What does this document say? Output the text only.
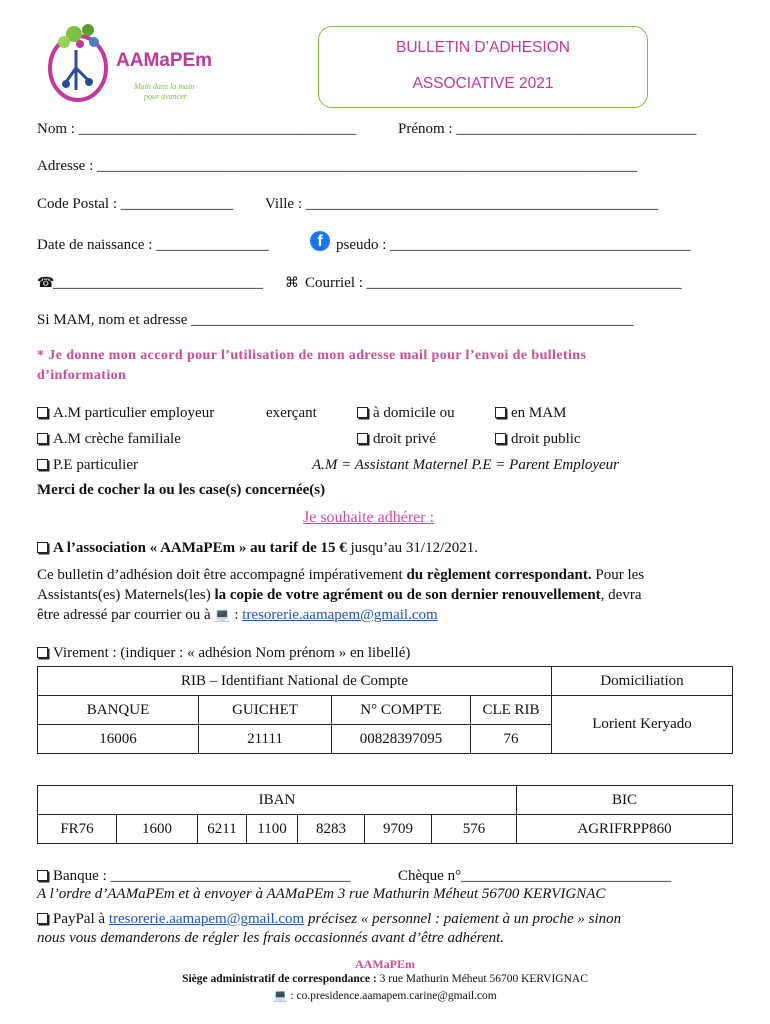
AAMaPEm
Main dans la main
pour avancer
BULLETIN D’ADHESION
ASSOCIATIVE 2021
Nom : _____________________________________	Prénom : ________________________________
Adresse : ________________________________________________________________________
Code Postal : _______________ Ville : _______________________________________________
Date de naissance : _______________	f pseudo : ________________________________________
☎
____________________________ ⌘ Courriel : __________________________________________
Si MAM, nom et adresse ___________________________________________________________
* Je donne mon accord pour l’utilisation de mon adresse mail pour l’envoi de bulletins
d’information
A.M particulier employeur	exerçant	à domicile ou	en MAM
A.M crèche familiale	droit privé	droit public
P.E particulier	A.M = Assistant Maternel P.E = Parent Employeur
Merci de cocher la ou les case(s) concernée(s)
Je souhaite adhérer :
A l’association « AAMaPEm » au tarif de 15 € jusqu’au 31/12/2021.
Ce bulletin d’adhésion doit être accompagné impérativement du règlement correspondant. Pour les
Assistants(es) Maternels(les) la copie de votre agrément ou de son dernier renouvellement, devra
être adressé par courrier ou à 💻 : tresorerie.aamapem@gmail.com
Virement : (indiquer : « adhésion Nom prénom » en libellé)
RIB – Identifiant National de Compte				Domiciliation
BANQUE	GUICHET	N° COMPTE	CLE RIB	Lorient Keryado
16006	21111	00828397095	76	
IBAN							BIC
FR76	1600	6211	1100	8283	9709	576	AGRIFRPP860
Banque : ________________________________	Chèque n°____________________________
A l’ordre d’AAMaPEm et à envoyer à AAMaPEm 3 rue Mathurin Méheut 56700 KERVIGNAC
PayPal à tresorerie.aamapem@gmail.com précisez « personnel : paiement à un proche » sinon
nous vous demanderons de régler les frais occasionnés avant d’être adhérent.
AAMaPEm
Siège administratif de correspondance : 3 rue Mathurin Méheut 56700 KERVIGNAC
💻 : co.presidence.aamapem.carine@gmail.com
